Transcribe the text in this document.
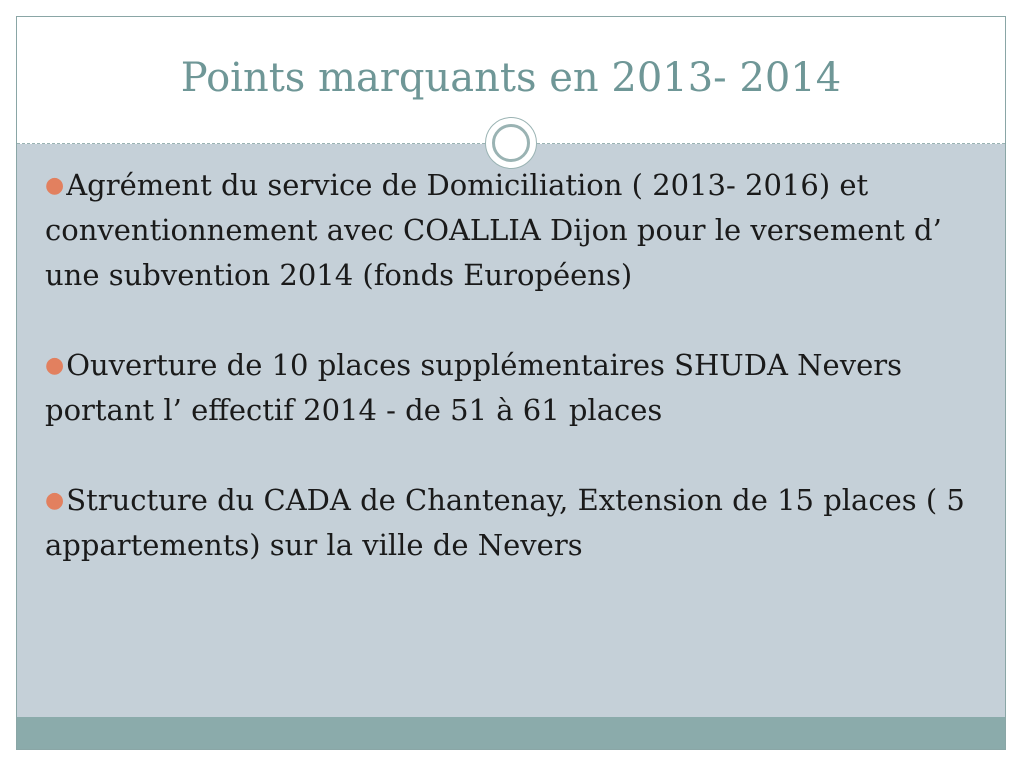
Points marquants en 2013- 2014
●Agrément du service de Domiciliation ( 2013- 2016) et conventionnement avec COALLIA Dijon pour le versement d’ une subvention 2014 (fonds Européens)
●Ouverture de 10 places supplémentaires SHUDA Nevers portant l’ effectif 2014 - de 51 à 61 places
●Structure du CADA de Chantenay, Extension de 15 places ( 5 appartements) sur la ville de Nevers
